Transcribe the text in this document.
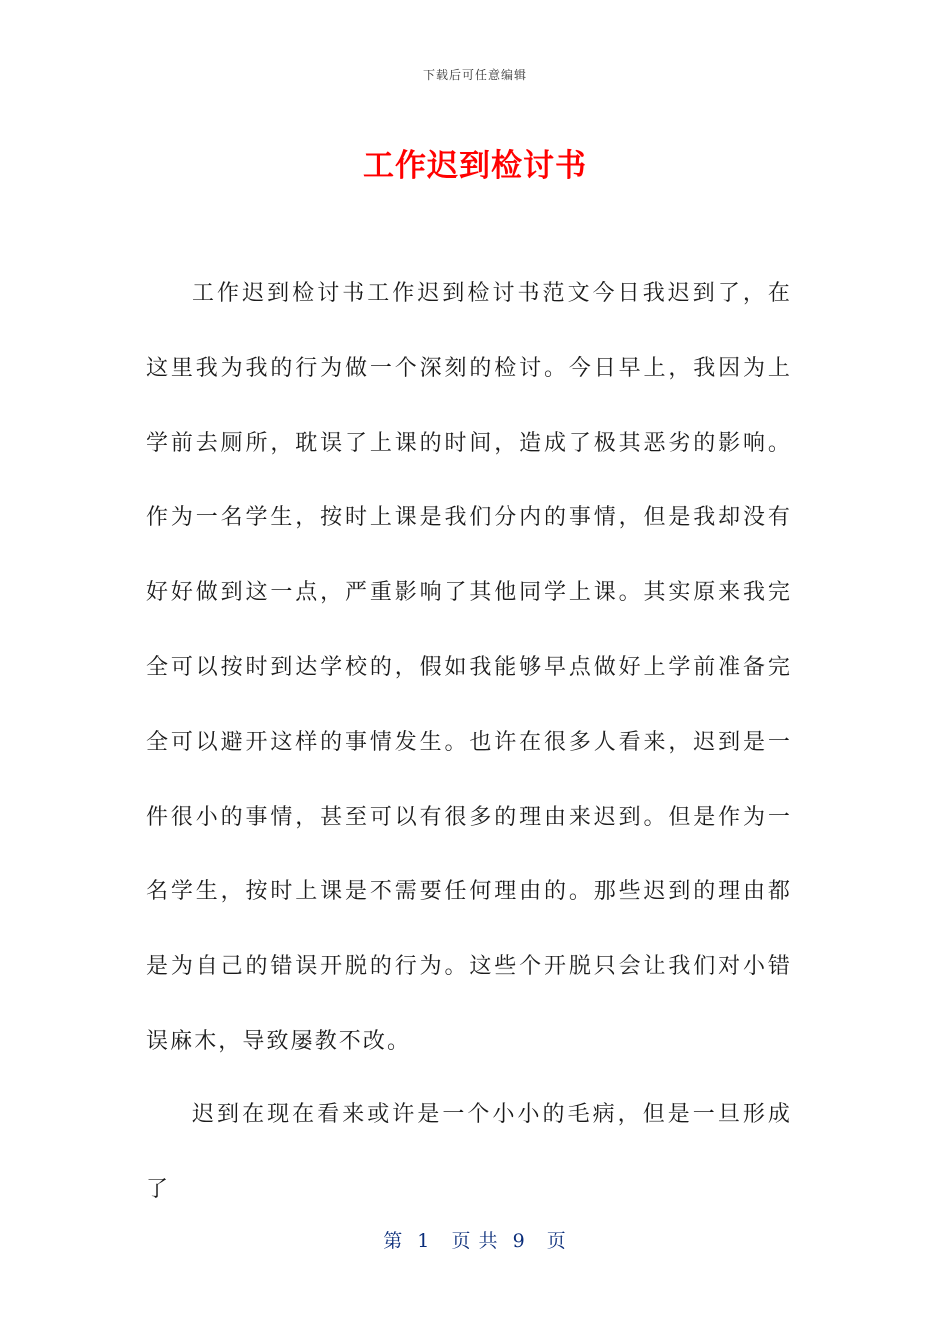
下载后可任意编辑
工作迟到检讨书

工作迟到检讨书工作迟到检讨书范文今日我迟到了，在这里我为我的行为做一个深刻的检讨。今日早上，我因为上学前去厕所，耽误了上课的时间，造成了极其恶劣的影响。作为一名学生，按时上课是我们分内的事情，但是我却没有好好做到这一点，严重影响了其他同学上课。其实原来我完全可以按时到达学校的，假如我能够早点做好上学前准备完全可以避开这样的事情发生。也许在很多人看来，迟到是一件很小的事情，甚至可以有很多的理由来迟到。但是作为一名学生，按时上课是不需要任何理由的。那些迟到的理由都是为自己的错误开脱的行为。这些个开脱只会让我们对小错误麻木，导致屡教不改。

迟到在现在看来或许是一个小小的毛病，但是一旦形成了

第  1   页 共  9   页
